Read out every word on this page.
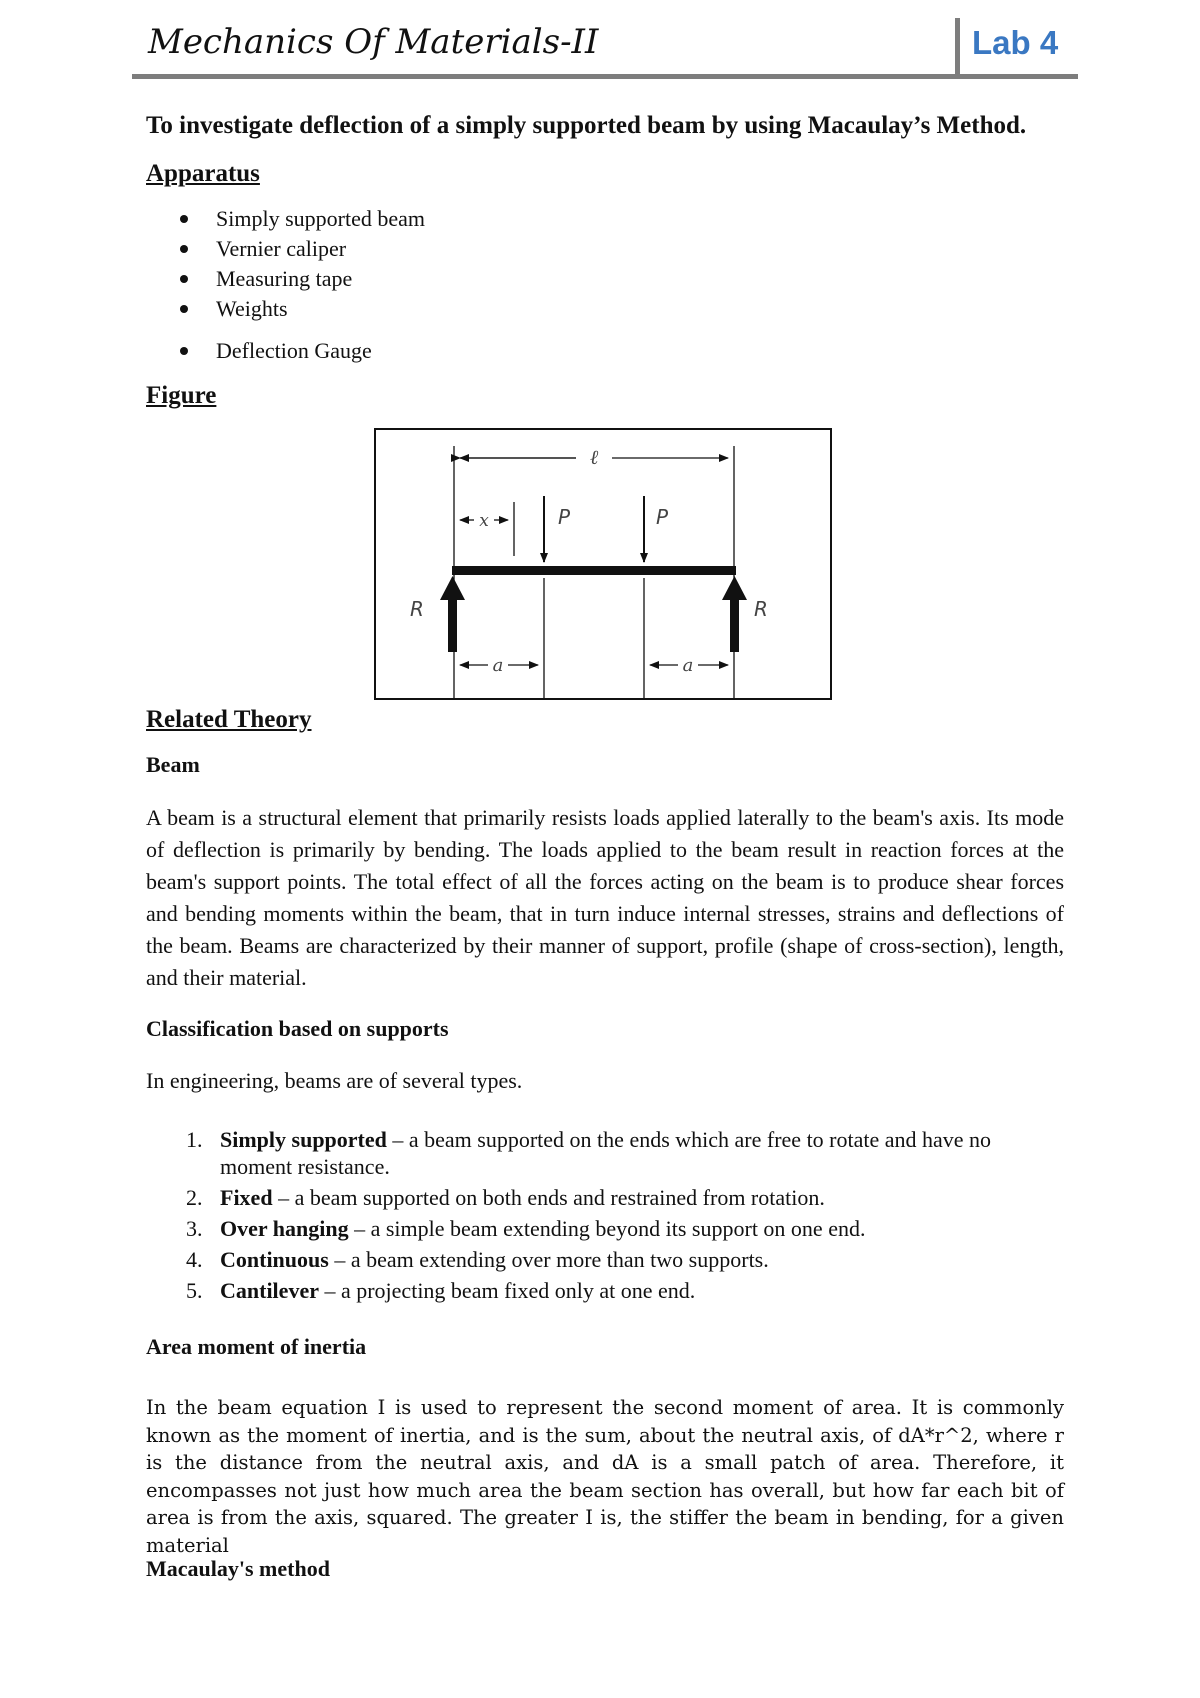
Mechanics Of Materials-II	Lab 4
To investigate deflection of a simply supported beam by using Macaulay’s Method.
Apparatus
Simply supported beam
Vernier caliper
Measuring tape
Weights
Deflection Gauge
Figure
ℓ
x	P	P
R	R
a	a
Related Theory
Beam
A beam is a structural element that primarily resists loads applied laterally to the beam's axis. Its mode of deflection is primarily by bending. The loads applied to the beam result in reaction forces at the beam's support points. The total effect of all the forces acting on the beam is to produce shear forces and bending moments within the beam, that in turn induce internal stresses, strains and deflections of the beam. Beams are characterized by their manner of support, profile (shape of cross-section), length, and their material.
Classification based on supports
In engineering, beams are of several types.
1. Simply supported – a beam supported on the ends which are free to rotate and have no moment resistance.
2. Fixed – a beam supported on both ends and restrained from rotation.
3. Over hanging – a simple beam extending beyond its support on one end.
4. Continuous – a beam extending over more than two supports.
5. Cantilever – a projecting beam fixed only at one end.
Area moment of inertia
In the beam equation I is used to represent the second moment of area. It is commonly known as the moment of inertia, and is the sum, about the neutral axis, of dA*r^2, where r is the distance from the neutral axis, and dA is a small patch of area. Therefore, it encompasses not just how much area the beam section has overall, but how far each bit of area is from the axis, squared. The greater I is, the stiffer the beam in bending, for a given material
Macaulay's method
